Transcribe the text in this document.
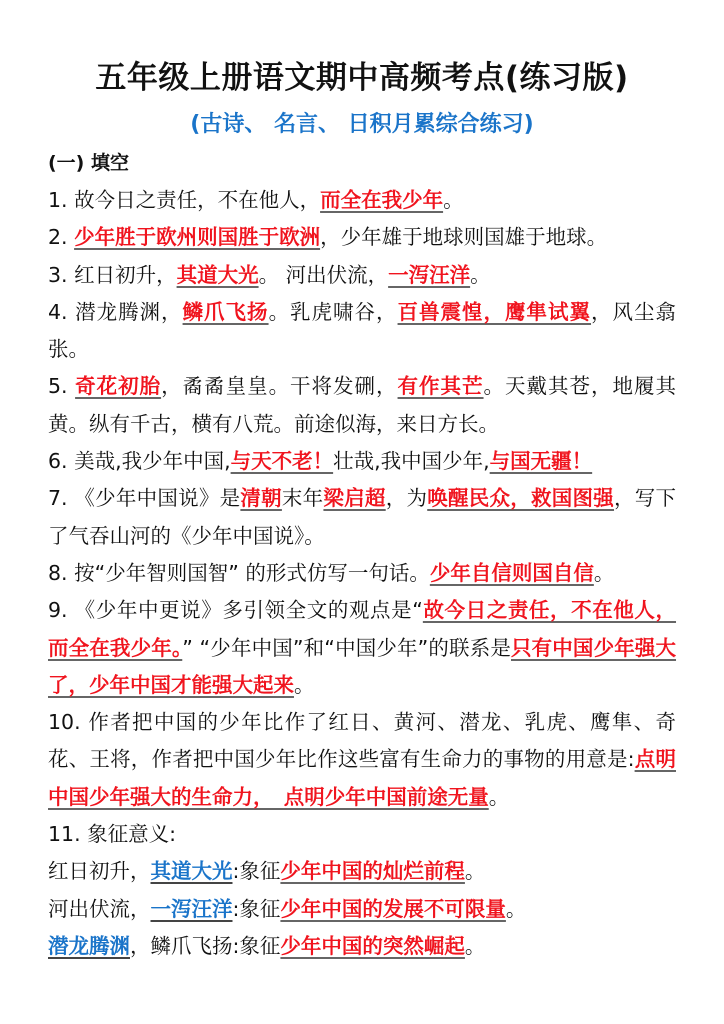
五年级上册语文期中高频考点(练习版)
(古诗、 名言、 日积月累综合练习)
(一) 填空

1. 故今日之责任，不在他人，而全在我少年。

2. 少年胜于欧州则国胜于欧洲，少年雄于地球则国雄于地球。

3. 红日初升，其道大光。 河出伏流，一泻汪洋。

4. 潜龙腾渊，鳞爪飞扬。乳虎啸谷，百兽震惶，鹰隼试翼，风尘翕张。

5. 奇花初胎，矞矞皇皇。干将发硎，有作其芒。天戴其苍，地履其黄。纵有千古，横有八荒。前途似海，来日方长。

6. 美哉,我少年中国,与天不老！壮哉,我中国少年,与国无疆！

7. 《少年中国说》是清朝末年梁启超，为唤醒民众，救国图强，写下了气吞山河的《少年中国说》。

8. 按“少年智则国智” 的形式仿写一句话。少年自信则国自信。

9. 《少年中更说》多引领全文的观点是“故今日之责任，不在他人，而全在我少年。” “少年中国”和“中国少年”的联系是只有中国少年强大了，少年中国才能强大起来。

10. 作者把中国的少年比作了红日、黄河、潜龙、乳虎、鹰隼、奇花、王将，作者把中国少年比作这些富有生命力的事物的用意是:点明中国少年强大的生命力，　点明少年中国前途无量。

11. 象征意义:

红日初升，其道大光:象征少年中国的灿烂前程。

河出伏流，一泻汪洋:象征少年中国的发展不可限量。

潜龙腾渊，鳞爪飞扬:象征少年中国的突然崛起。
